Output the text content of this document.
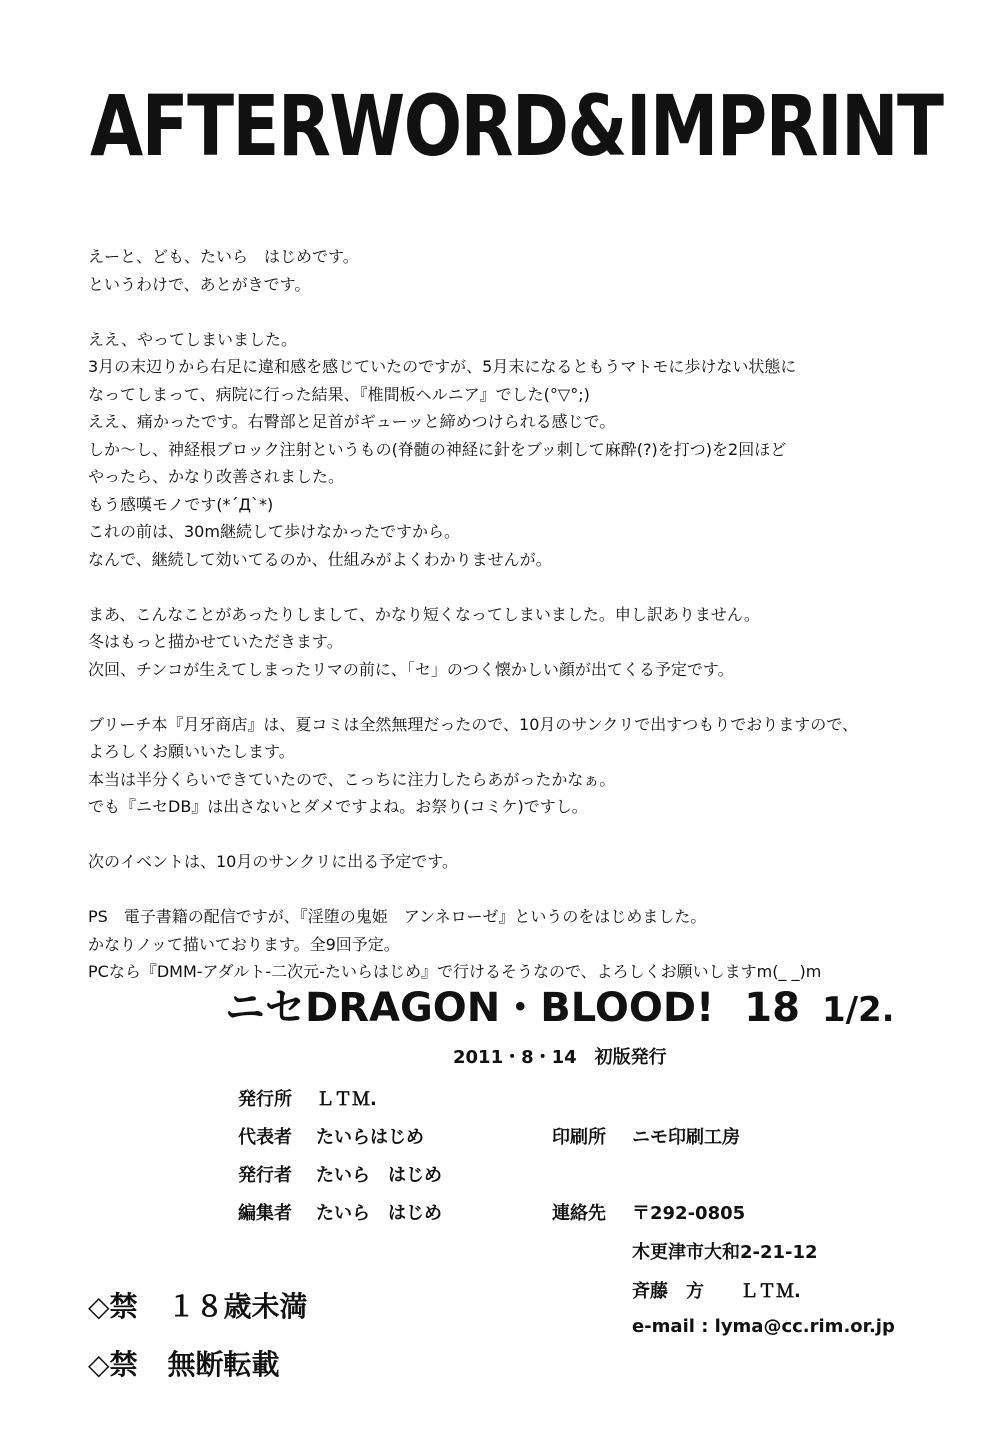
AFTERWORD&IMPRINT
えーと、ども、たいら　はじめです。
というわけで、あとがきです。
ええ、やってしまいました。
3月の末辺りから右足に違和感を感じていたのですが、5月末になるともうマトモに歩けない状態に
なってしまって、病院に行った結果、『椎間板ヘルニア』でした(°▽°;)
ええ、痛かったです。右臀部と足首がギューッと締めつけられる感じで。
しか〜し、神経根ブロック注射というもの(脊髄の神経に針をブッ刺して麻酔(?)を打つ)を2回ほど
やったら、かなり改善されました。
もう感嘆モノです(*´Д`*)
これの前は、30m継続して歩けなかったですから。
なんで、継続して効いてるのか、仕組みがよくわかりませんが。
まあ、こんなことがあったりしまして、かなり短くなってしまいました。申し訳ありません。
冬はもっと描かせていただきます。
次回、チンコが生えてしまったリマの前に、「セ」のつく懐かしい顔が出てくる予定です。
ブリーチ本『月牙商店』は、夏コミは全然無理だったので、10月のサンクリで出すつもりでおりますので、
よろしくお願いいたします。
本当は半分くらいできていたので、こっちに注力したらあがったかなぁ。
でも『ニセDB』は出さないとダメですよね。お祭り(コミケ)ですし。
次のイベントは、10月のサンクリに出る予定です。
PS　電子書籍の配信ですが、『淫堕の鬼姫　アンネローゼ』というのをはじめました。
かなりノッて描いております。全9回予定。
PCなら『DMM-アダルト-二次元-たいらはじめ』で行けるそうなので、よろしくお願いしますm(_ _)m
ニセDRAGON・BLOOD! 18 1/2.
2011・8・14　初版発行
発行所 ＬＴＭ.
代表者 たいらはじめ
発行者 たいら　はじめ
編集者 たいら　はじめ
印刷所 ニモ印刷工房
連絡先 〒292-0805
木更津市大和2-21-12
斉藤　方　　ＬＴＭ.
e-mail : lyma@cc.rim.or.jp
◇禁 １８歳未満
◇禁 無断転載
